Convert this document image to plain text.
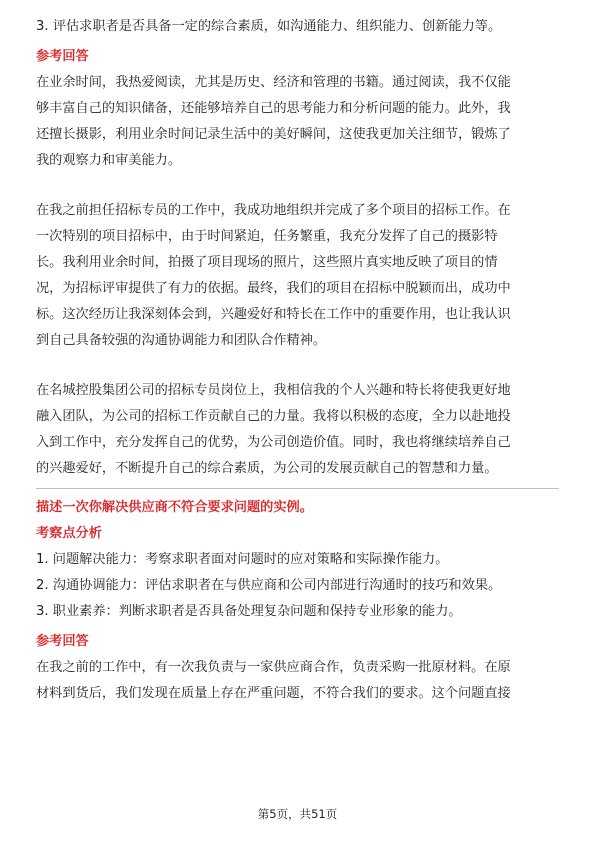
3. 评估求职者是否具备一定的综合素质，如沟通能力、组织能力、创新能力等。

参考回答

在业余时间，我热爱阅读，尤其是历史、经济和管理的书籍。通过阅读，我不仅能

够丰富自己的知识储备，还能够培养自己的思考能力和分析问题的能力。此外，我

还擅长摄影，利用业余时间记录生活中的美好瞬间，这使我更加关注细节，锻炼了

我的观察力和审美能力。

在我之前担任招标专员的工作中，我成功地组织并完成了多个项目的招标工作。在

一次特别的项目招标中，由于时间紧迫，任务繁重，我充分发挥了自己的摄影特

长。我利用业余时间，拍摄了项目现场的照片，这些照片真实地反映了项目的情

况，为招标评审提供了有力的依据。最终，我们的项目在招标中脱颖而出，成功中

标。这次经历让我深刻体会到，兴趣爱好和特长在工作中的重要作用，也让我认识

到自己具备较强的沟通协调能力和团队合作精神。

在名城控股集团公司的招标专员岗位上，我相信我的个人兴趣和特长将使我更好地

融入团队，为公司的招标工作贡献自己的力量。我将以积极的态度，全力以赴地投

入到工作中，充分发挥自己的优势，为公司创造价值。同时，我也将继续培养自己

的兴趣爱好，不断提升自己的综合素质，为公司的发展贡献自己的智慧和力量。

描述一次你解决供应商不符合要求问题的实例。

考察点分析

1. 问题解决能力：考察求职者面对问题时的应对策略和实际操作能力。

2. 沟通协调能力：评估求职者在与供应商和公司内部进行沟通时的技巧和效果。

3. 职业素养：判断求职者是否具备处理复杂问题和保持专业形象的能力。

参考回答

在我之前的工作中，有一次我负责与一家供应商合作，负责采购一批原材料。在原

材料到货后，我们发现在质量上存在严重问题，不符合我们的要求。这个问题直接

第5页，共51页
